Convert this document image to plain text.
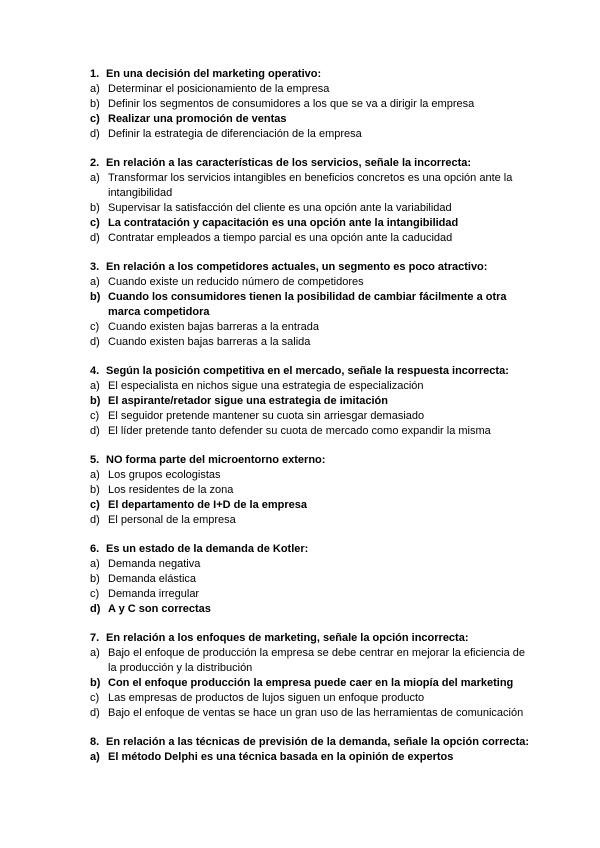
1. En una decisión del marketing operativo:
a) Determinar el posicionamiento de la empresa
b) Definir los segmentos de consumidores a los que se va a dirigir la empresa
c) Realizar una promoción de ventas
d) Definir la estrategia de diferenciación de la empresa
2. En relación a las características de los servicios, señale la incorrecta:
a) Transformar los servicios intangibles en beneficios concretos es una opción ante la intangibilidad
b) Supervisar la satisfacción del cliente es una opción ante la variabilidad
c) La contratación y capacitación es una opción ante la intangibilidad
d) Contratar empleados a tiempo parcial es una opción ante la caducidad
3. En relación a los competidores actuales, un segmento es poco atractivo:
a) Cuando existe un reducido número de competidores
b) Cuando los consumidores tienen la posibilidad de cambiar fácilmente a otra marca competidora
c) Cuando existen bajas barreras a la entrada
d) Cuando existen bajas barreras a la salida
4. Según la posición competitiva en el mercado, señale la respuesta incorrecta:
a) El especialista en nichos sigue una estrategia de especialización
b) El aspirante/retador sigue una estrategia de imitación
c) El seguidor pretende mantener su cuota sin arriesgar demasiado
d) El líder pretende tanto defender su cuota de mercado como expandir la misma
5. NO forma parte del microentorno externo:
a) Los grupos ecologistas
b) Los residentes de la zona
c) El departamento de I+D de la empresa
d) El personal de la empresa
6. Es un estado de la demanda de Kotler:
a) Demanda negativa
b) Demanda elástica
c) Demanda irregular
d) A y C son correctas
7. En relación a los enfoques de marketing, señale la opción incorrecta:
a) Bajo el enfoque de producción la empresa se debe centrar en mejorar la eficiencia de la producción y la distribución
b) Con el enfoque producción la empresa puede caer en la miopía del marketing
c) Las empresas de productos de lujos siguen un enfoque producto
d) Bajo el enfoque de ventas se hace un gran uso de las herramientas de comunicación
8. En relación a las técnicas de previsión de la demanda, señale la opción correcta:
a) El método Delphi es una técnica basada en la opinión de expertos
